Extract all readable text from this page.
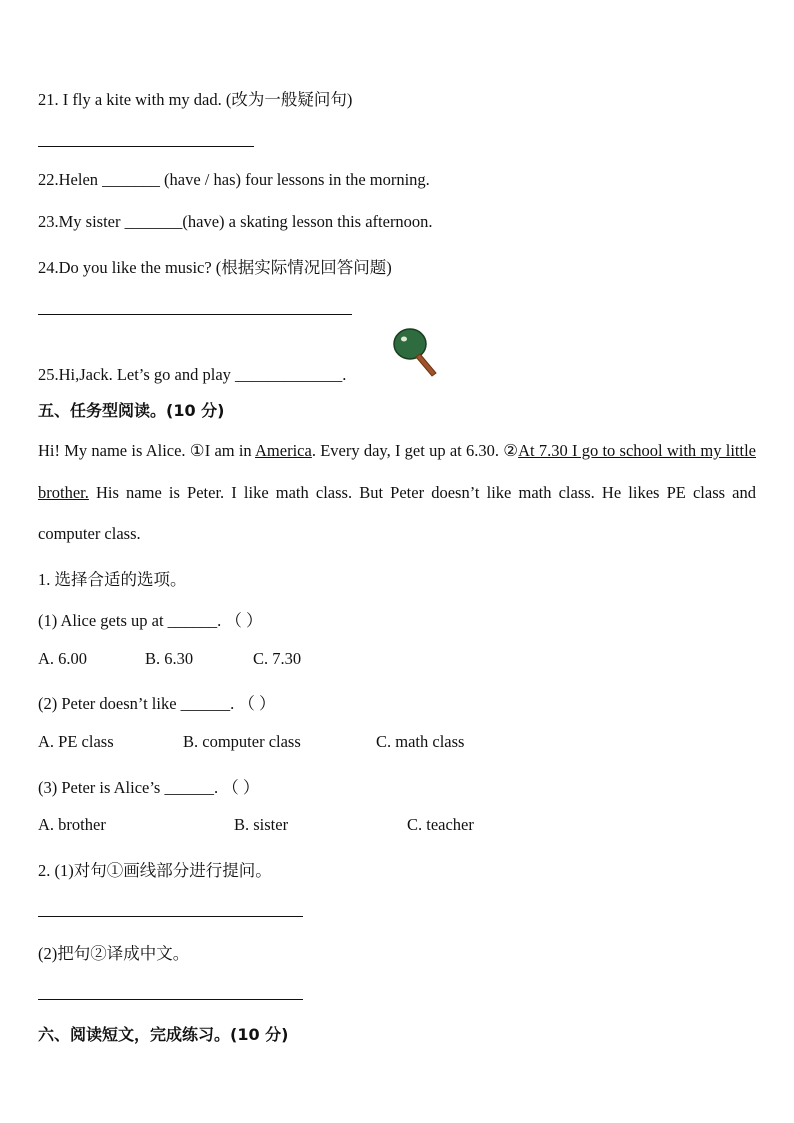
21. I fly a kite with my dad. (改为一般疑问句)
22.Helen _______ (have / has) four lessons in the morning.
23.My sister _______(have) a skating lesson this afternoon.
24.Do you like the music? (根据实际情况回答问题)
25.Hi,Jack. Let’s go and play _____________.
五、任务型阅读。(10 分)
Hi! My name is Alice. ①I am in America. Every day, I get up at 6.30. ②At 7.30 I go to school with my little brother. His name is Peter. I like math class. But Peter doesn’t like math class. He likes PE class and computer class.
1. 选择合适的选项。
(1) Alice gets up at ______. （ ）
A. 6.00	B. 6.30	C. 7.30
(2) Peter doesn’t like ______. （ ）
A. PE class	B. computer class	C. math class
(3) Peter is Alice’s ______. （ ）
A. brother	B. sister	C. teacher
2. (1)对句①画线部分进行提问。
(2)把句②译成中文。
六、阅读短文，完成练习。(10 分)
